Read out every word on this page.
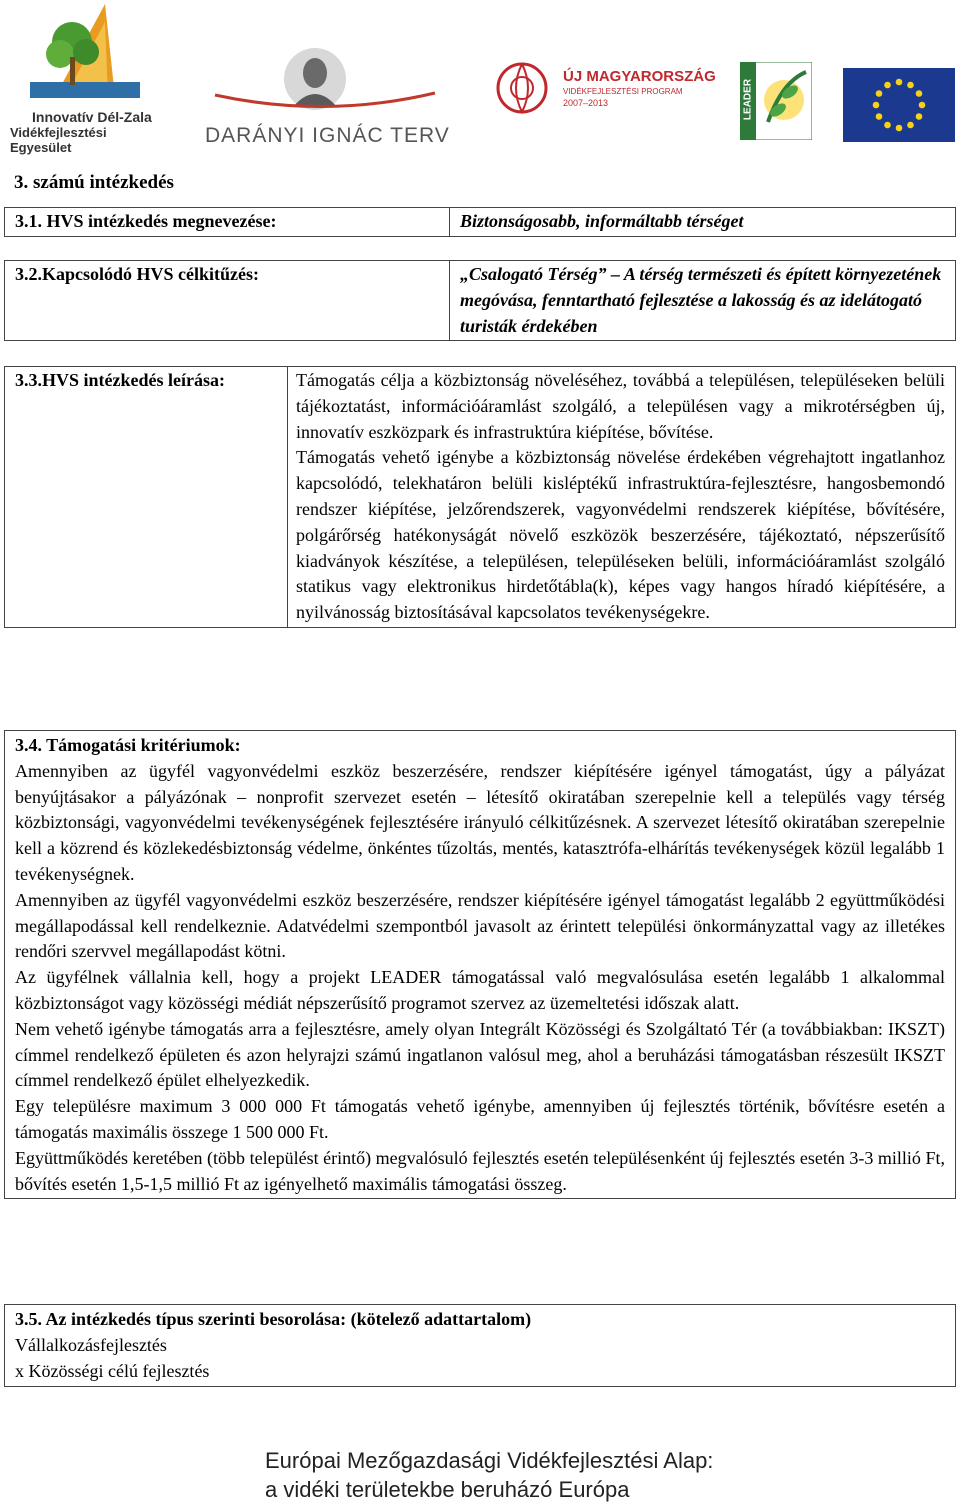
Innovatív Dél-Zala
Vidékfejlesztési Egyesület
DARÁNYI IGNÁC TERV
ÚJ MAGYARORSZÁG
VIDÉKFEJLESZTÉSI PROGRAM
2007–2013	LEADER
3. számú intézkedés
3.1. HVS intézkedés megnevezése:	Biztonságosabb, informáltabb térséget
3.2.Kapcsolódó HVS célkitűzés:	„Csalogató Térség” – A térség természeti és épített környezetének megóvása, fenntartható fejlesztése a lakosság és az idelátogató turisták érdekében
3.3.HVS intézkedés leírása:	Támogatás célja a közbiztonság növeléséhez, továbbá a településen, településeken belüli tájékoztatást, információáramlást szolgáló, a településen vagy a mikrotérségben új, innovatív eszközpark és infrastruktúra kiépítése, bővítése.

Támogatás vehető igénybe a közbiztonság növelése érdekében végrehajtott ingatlanhoz kapcsolódó, telekhatáron belüli kisléptékű infrastruktúra-fejlesztésre, hangosbemondó rendszer kiépítése, jelzőrendszerek, vagyonvédelmi rendszerek kiépítése, bővítésére, polgárőrség hatékonyságát növelő eszközök beszerzésére, tájékoztató, népszerűsítő kiadványok készítése, a településen, településeken belüli, információáramlást szolgáló statikus vagy elektronikus hirdetőtábla(k), képes vagy hangos híradó kiépítésére, a nyilvánosság biztosításával kapcsolatos tevékenységekre.

3.4. Támogatási kritériumok:

Amennyiben az ügyfél vagyonvédelmi eszköz beszerzésére, rendszer kiépítésére igényel támogatást, úgy a pályázat benyújtásakor a pályázónak – nonprofit szervezet esetén – létesítő okiratában szerepelnie kell a település vagy térség közbiztonsági, vagyonvédelmi tevékenységének fejlesztésére irányuló célkitűzésnek. A szervezet létesítő okiratában szerepelnie kell a közrend és közlekedésbiztonság védelme, önkéntes tűzoltás, mentés, katasztrófa-elhárítás tevékenységek közül legalább 1 tevékenységnek.

Amennyiben az ügyfél vagyonvédelmi eszköz beszerzésére, rendszer kiépítésére igényel támogatást legalább 2 együttműködési megállapodással kell rendelkeznie. Adatvédelmi szempontból javasolt az érintett települési önkormányzattal vagy az illetékes rendőri szervvel megállapodást kötni.

Az ügyfélnek vállalnia kell, hogy a projekt LEADER támogatással való megvalósulása esetén legalább 1 alkalommal közbiztonságot vagy közösségi médiát népszerűsítő programot szervez az üzemeltetési időszak alatt.

Nem vehető igénybe támogatás arra a fejlesztésre, amely olyan Integrált Közösségi és Szolgáltató Tér (a továbbiakban: IKSZT) címmel rendelkező épületen és azon helyrajzi számú ingatlanon valósul meg, ahol a beruházási támogatásban részesült IKSZT címmel rendelkező épület elhelyezkedik.

Egy településre maximum 3 000 000 Ft támogatás vehető igénybe, amennyiben új fejlesztés történik, bővítésre esetén a támogatás maximális összege 1 500 000 Ft.

Együttműködés keretében (több települést érintő) megvalósuló fejlesztés esetén településenként új fejlesztés esetén 3-3 millió Ft, bővítés esetén 1,5-1,5 millió Ft az igényelhető maximális támogatási összeg.

3.5. Az intézkedés típus szerinti besorolása: (kötelező adattartalom)
Vállalkozásfejlesztés
x Közösségi célú fejlesztés
Európai Mezőgazdasági Vidékfejlesztési Alap:
a vidéki területekbe beruházó Európa
